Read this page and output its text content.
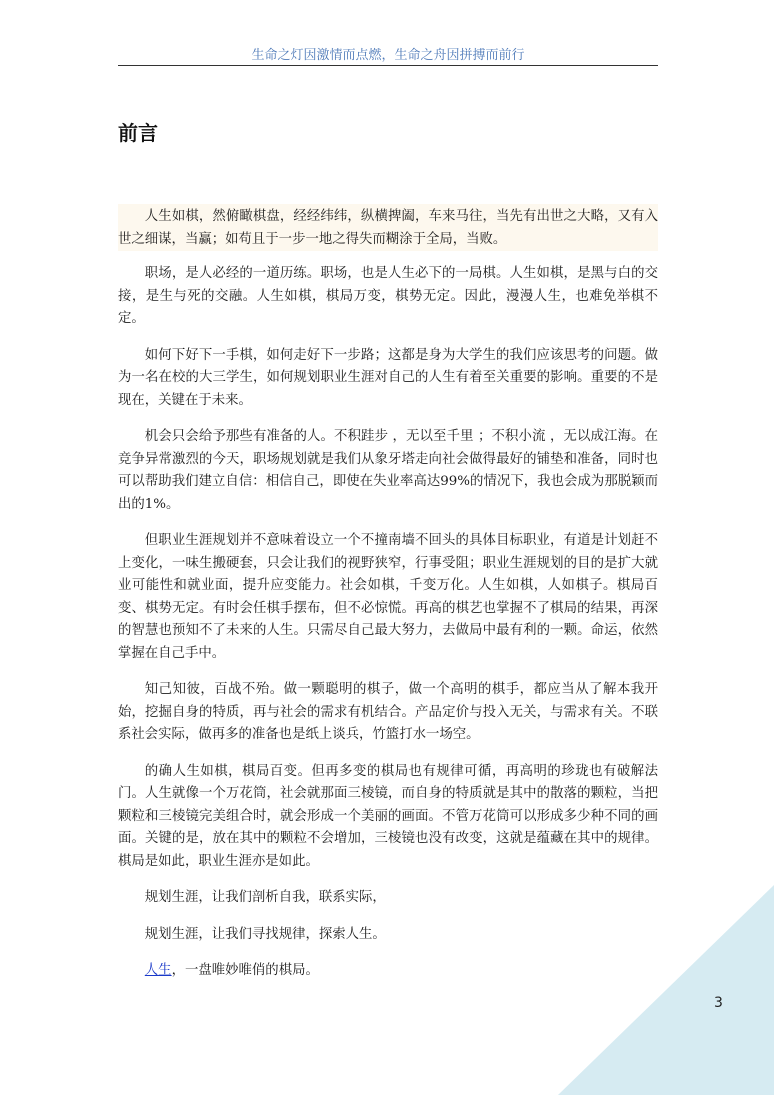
生命之灯因激情而点燃，生命之舟因拼搏而前行
前言

人生如棋，然俯瞰棋盘，经经纬纬，纵横捭阖，车来马往，当先有出世之大略，又有入世之细谋，当赢；如苟且于一步一地之得失而糊涂于全局，当败。

职场，是人必经的一道历练。职场，也是人生必下的一局棋。人生如棋，是黑与白的交接，是生与死的交融。人生如棋，棋局万变，棋势无定。因此，漫漫人生，也难免举棋不定。

如何下好下一手棋，如何走好下一步路；这都是身为大学生的我们应该思考的问题。做为一名在校的大三学生，如何规划职业生涯对自己的人生有着至关重要的影响。重要的不是现在，关键在于未来。

机会只会给予那些有准备的人。不积跬步 ，无以至千里 ；不积小流 ，无以成江海。在竞争异常激烈的今天，职场规划就是我们从象牙塔走向社会做得最好的铺垫和准备，同时也可以帮助我们建立自信：相信自己，即使在失业率高达99%的情况下，我也会成为那脱颖而出的1%。

但职业生涯规划并不意味着设立一个不撞南墙不回头的具体目标职业，有道是计划赶不上变化，一味生搬硬套，只会让我们的视野狭窄，行事受阻；职业生涯规划的目的是扩大就业可能性和就业面，提升应变能力。社会如棋，千变万化。人生如棋，人如棋子。棋局百变、棋势无定。有时会任棋手摆布，但不必惊慌。再高的棋艺也掌握不了棋局的结果，再深的智慧也预知不了未来的人生。只需尽自己最大努力，去做局中最有利的一颗。命运，依然掌握在自己手中。

知己知彼，百战不殆。做一颗聪明的棋子，做一个高明的棋手，都应当从了解本我开始，挖掘自身的特质，再与社会的需求有机结合。产品定价与投入无关，与需求有关。不联系社会实际，做再多的准备也是纸上谈兵，竹篮打水一场空。

的确人生如棋，棋局百变。但再多变的棋局也有规律可循，再高明的珍珑也有破解法门。人生就像一个万花筒，社会就那面三棱镜，而自身的特质就是其中的散落的颗粒，当把颗粒和三棱镜完美组合时，就会形成一个美丽的画面。不管万花筒可以形成多少种不同的画面。关键的是，放在其中的颗粒不会增加，三棱镜也没有改变，这就是蕴藏在其中的规律。棋局是如此，职业生涯亦是如此。

规划生涯，让我们剖析自我，联系实际，

规划生涯，让我们寻找规律，探索人生。

人生，一盘唯妙唯俏的棋局。

3
